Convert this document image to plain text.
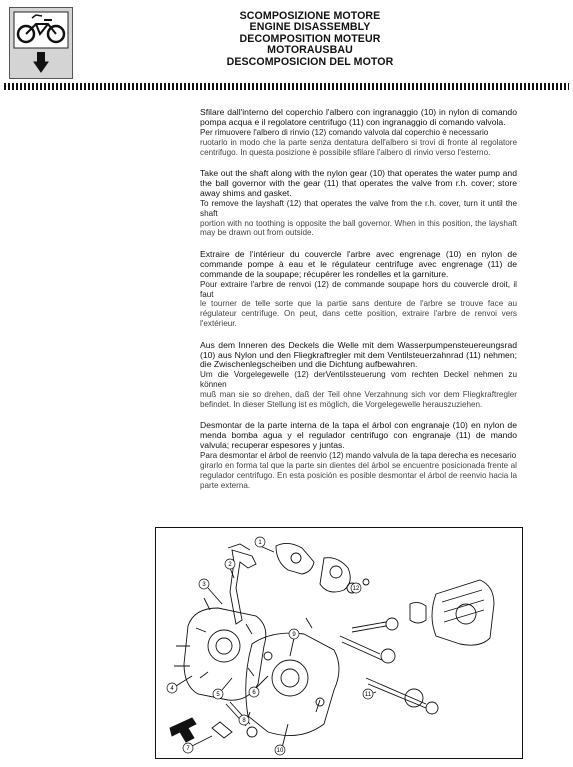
SCOMPOSIZIONE MOTORE
ENGINE DISASSEMBLY
DECOMPOSITION MOTEUR
MOTORAUSBAU
DESCOMPOSICION DEL MOTOR

Sfilare dall'interno del coperchio l'albero con ingranaggio (10) in nylon di comando pompa acqua e il regolatore centrifugo (11) con ingranaggio di comando valvola.

Per rimuovere l'albero di rinvio (12) comando valvola dal coperchio è necessario

ruotarlo in modo che la parte senza dentatura dell'albero si trovi di fronte al regolatore centrifugo. In questa posizione è possibile sfilare l'albero di rinvio verso l'esterno.

Take out the shaft along with the nylon gear (10) that operates the water pump and the ball governor with the gear (11) that operates the valve from r.h. cover; store away shims and gasket.

To remove the layshaft (12) that operates the valve from the r.h. cover, turn it until the shaft

portion with no toothing is opposite the ball governor. When in this position, the layshaft may be drawn out from outside.

Extraire de l'intérieur du couvercle l'arbre avec engrenage (10) en nylon de commande pompe à eau et le régulateur centrifuge avec engrenage (11) de commande de la soupape; récupérer les rondelles et la garniture.

Pour extraire l'arbre de renvoi (12) de commande soupape hors du couvercle droit, il faut

le tourner de telle sorte que la partie sans denture de l'arbre se trouve face au régulateur centrifuge. On peut, dans cette position, extraire l'arbre de renvoi vers l'extérieur.

Aus dem Inneren des Deckels die Welle mit dem Wasserpumpensteuereungsrad (10) aus Nylon und den Fliegkraftregler mit dem Ventilsteuerzahnrad (11) nehmen; die Zwischenlegscheiben und die Dichtung aufbewahren.

Um die Vorgelegewelle (12) derVentilssteuerung vom rechten Deckel nehmen zu können

muß man sie so drehen, daß der Teil ohne Verzahnung sich vor dem Fliegkraftregler befindet. In dieser Stellung ist es möglich, die Vorgelegewelle herauszuziehen.

Desmontar de la parte interna de la tapa el árbol con engranaje (10) en nylon de menda bomba agua y el regulador centrifugo con engranaje (11) de mando valvula; recuperar espesores y juntas.

Para desmontar el árbol de reenvio (12) mando valvula de la tapa derecha es necesario

girarlo en forma tal que la parte sin dientes del árbol se encuentre posicionada frente al regulador centrifugo. En esta posición es posible desmontar el árbol de reenvio hacia la parte externa.

1
2
3
4
5	6
7
8
9
10
11
12
